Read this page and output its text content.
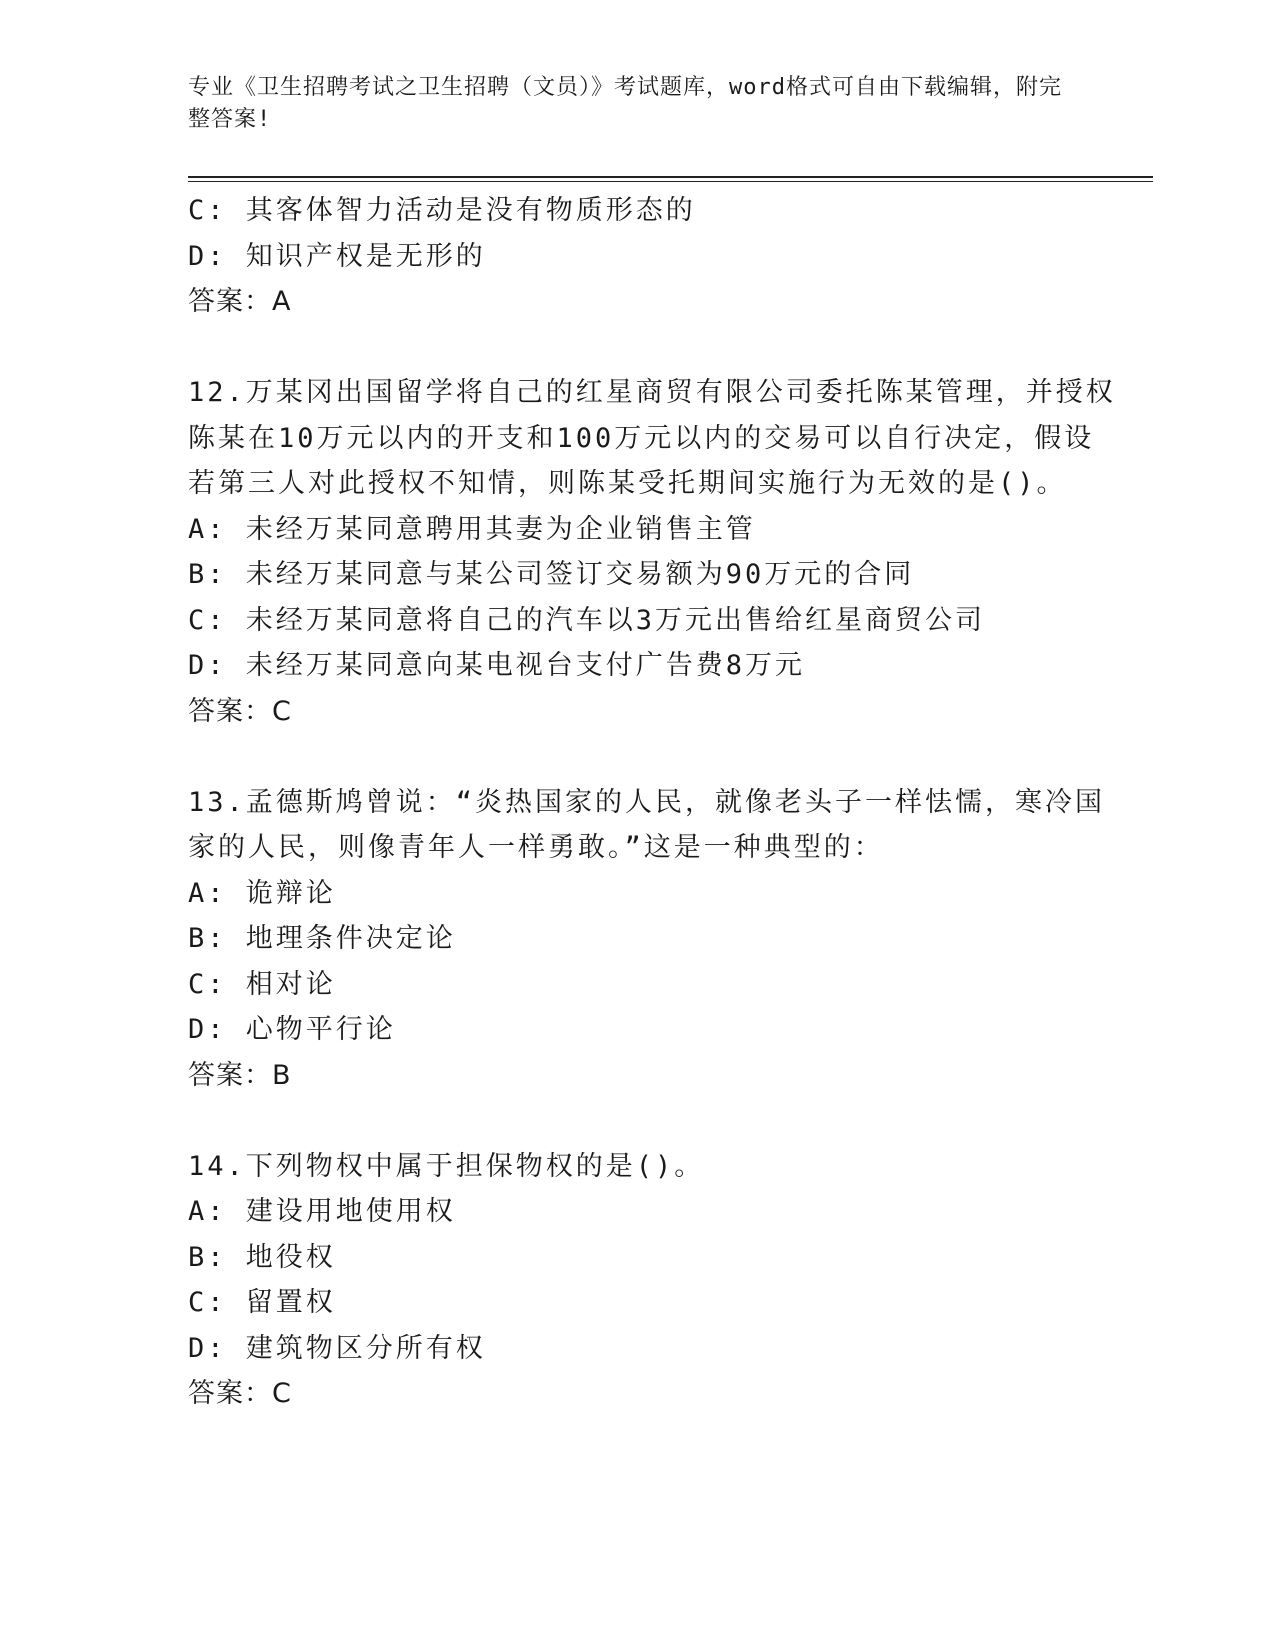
专业《卫生招聘考试之卫生招聘（文员）》考试题库，word格式可自由下载编辑，附完整答案!
C: 其客体智力活动是没有物质形态的
D: 知识产权是无形的
答案：A
12.万某冈出国留学将自己的红星商贸有限公司委托陈某管理，并授权
陈某在10万元以内的开支和100万元以内的交易可以自行决定，假设
若第三人对此授权不知情，则陈某受托期间实施行为无效的是()。
A: 未经万某同意聘用其妻为企业销售主管
B: 未经万某同意与某公司签订交易额为90万元的合同
C: 未经万某同意将自己的汽车以3万元出售给红星商贸公司
D: 未经万某同意向某电视台支付广告费8万元
答案：C
13.孟德斯鸠曾说：“炎热国家的人民，就像老头子一样怯懦，寒冷国
家的人民，则像青年人一样勇敢。”这是一种典型的：
A: 诡辩论
B: 地理条件决定论
C: 相对论
D: 心物平行论
答案：B
14.下列物权中属于担保物权的是()。
A: 建设用地使用权
B: 地役权
C: 留置权
D: 建筑物区分所有权
答案：C
